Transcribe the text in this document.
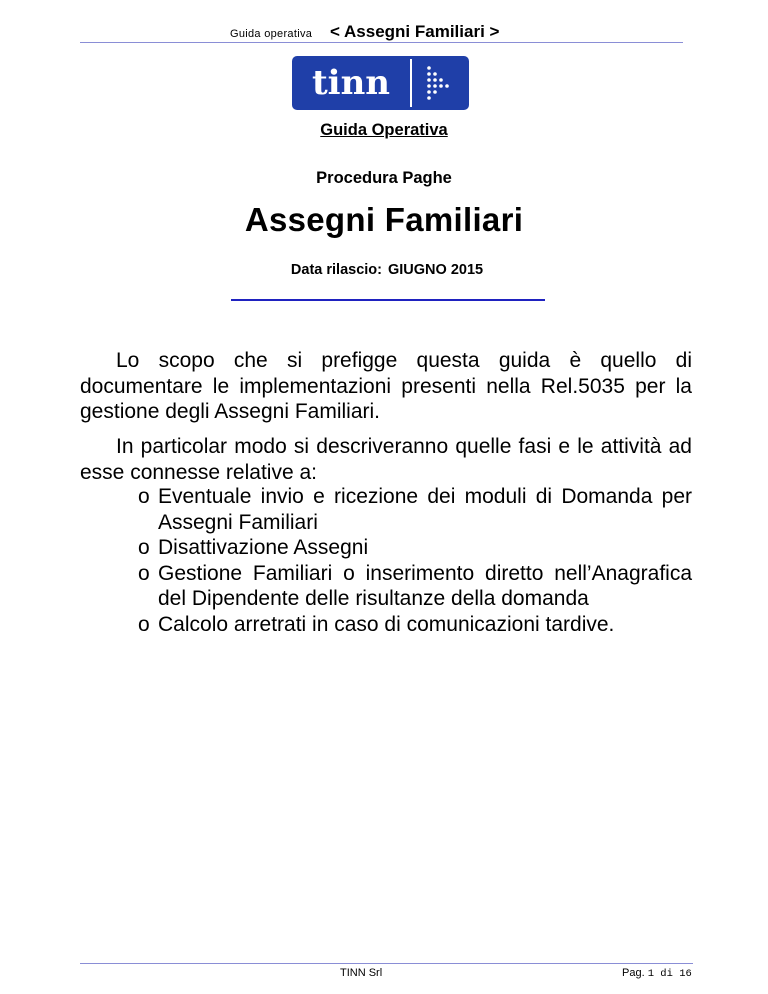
Guida operativa < Assegni Familiari >
tinn
Guida Operativa
Procedura Paghe
Assegni Familiari
Data rilascio: GIUGNO 2015

Lo scopo che si prefigge questa guida è quello di documentare le implementazioni presenti nella Rel.5035 per la gestione degli Assegni Familiari.

In particolar modo si descriveranno quelle fasi e le attività ad esse connesse relative a:

o Eventuale invio e ricezione dei moduli di Domanda per Assegni Familiari
o Disattivazione Assegni
o Gestione Familiari o inserimento diretto nell’Anagrafica del Dipendente delle risultanze della domanda
o Calcolo arretrati in caso di comunicazioni tardive.
TINN Srl	Pag. 1 di 16
